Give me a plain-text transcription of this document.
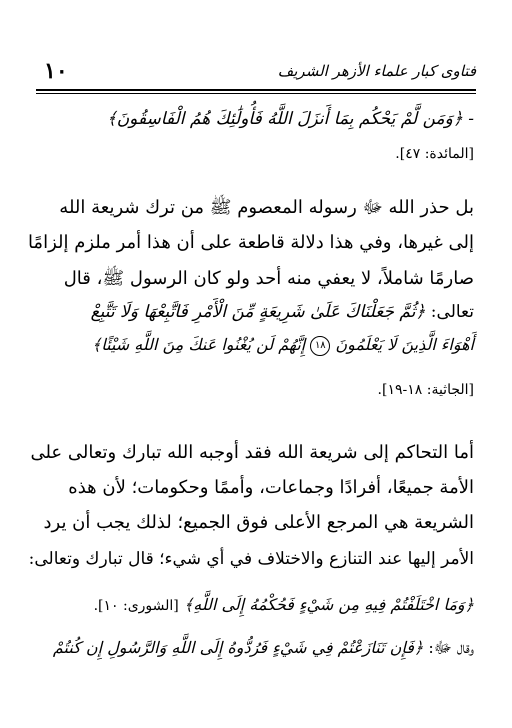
فتاوى كبار علماء الأزهر الشريف
١٠
- ﴿وَمَن لَّمْ يَحْكُم بِمَا أَنزَلَ اللَّهُ فَأُولَٰئِكَ هُمُ الْفَاسِقُونَ﴾
[المائدة: ٤٧].
بل حذر الله ﷻ رسوله المعصوم ﷺ من ترك شريعة الله
إلى غيرها، وفي هذا دلالة قاطعة على أن هذا أمر ملزم إلزامًا
صارمًا شاملاً، لا يعفي منه أحد ولو كان الرسول ﷺ، قال
تعالى: ﴿ثُمَّ جَعَلْنَاكَ عَلَىٰ شَرِيعَةٍ مِّنَ الْأَمْرِ فَاتَّبِعْهَا وَلَا تَتَّبِعْ
أَهْوَاءَ الَّذِينَ لَا يَعْلَمُونَ ١٨ إِنَّهُمْ لَن يُغْنُوا عَنكَ مِنَ اللَّهِ شَيْئًا﴾
[الجاثية: ١٨-١٩].
أما التحاكم إلى شريعة الله فقد أوجبه الله تبارك وتعالى على
الأمة جميعًا، أفرادًا وجماعات، وأممًا وحكومات؛ لأن هذه
الشريعة هي المرجع الأعلى فوق الجميع؛ لذلك يجب أن يرد
الأمر إليها عند التنازع والاختلاف في أي شيء؛ قال تبارك وتعالى:
﴿وَمَا اخْتَلَفْتُمْ فِيهِ مِن شَيْءٍ فَحُكْمُهُ إِلَى اللَّهِ﴾ [الشورى: ١٠].
وقال ﷻ: ﴿فَإِن تَنَازَعْتُمْ فِي شَيْءٍ فَرُدُّوهُ إِلَى اللَّهِ وَالرَّسُولِ إِن كُنتُمْ
